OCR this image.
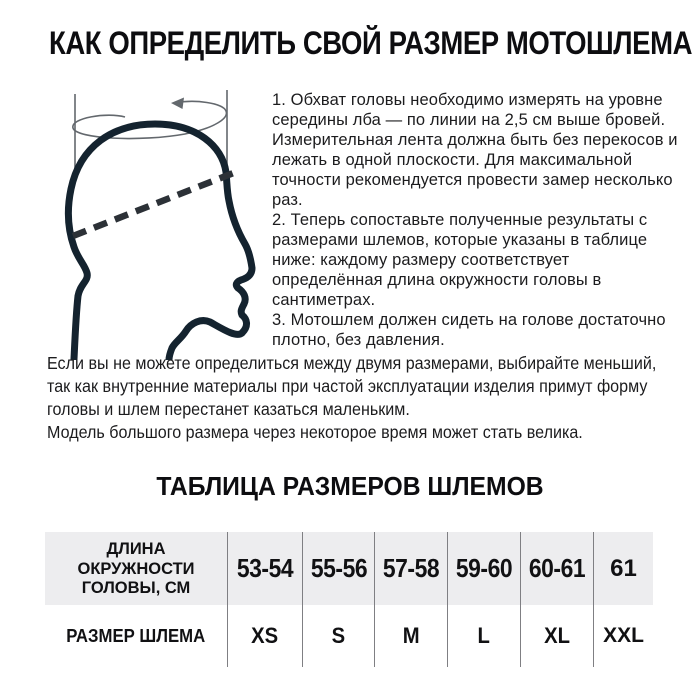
КАК ОПРЕДЕЛИТЬ СВОЙ РАЗМЕР МОТОШЛЕМА

1. Обхват головы необходимо измерять на уровне середины лба — по линии на 2,5 см выше бровей. Измерительная лента должна быть без перекосов и лежать в одной плоскости. Для максимальной точности рекомендуется провести замер несколько раз.

2. Теперь сопоставьте полученные результаты с размерами шлемов, которые указаны в таблице ниже: каждому размеру соответствует определённая длина окружности головы в сантиметрах.

3. Мотошлем должен сидеть на голове достаточно плотно, без давления.

Если вы не можете определиться между двумя размерами, выбирайте меньший, так как внутренние материалы при частой эксплуатации изделия примут форму головы и шлем перестанет казаться маленьким.

Модель большого размера через некоторое время может стать велика.

ТАБЛИЦА РАЗМЕРОВ ШЛЕМОВ
ДЛИНА ОКРУЖНОСТИ ГОЛОВЫ, СМ
РАЗМЕР ШЛЕМА
53-54
XS
55-56
S
57-58
M
59-60
L
60-61
XL
61
XXL
